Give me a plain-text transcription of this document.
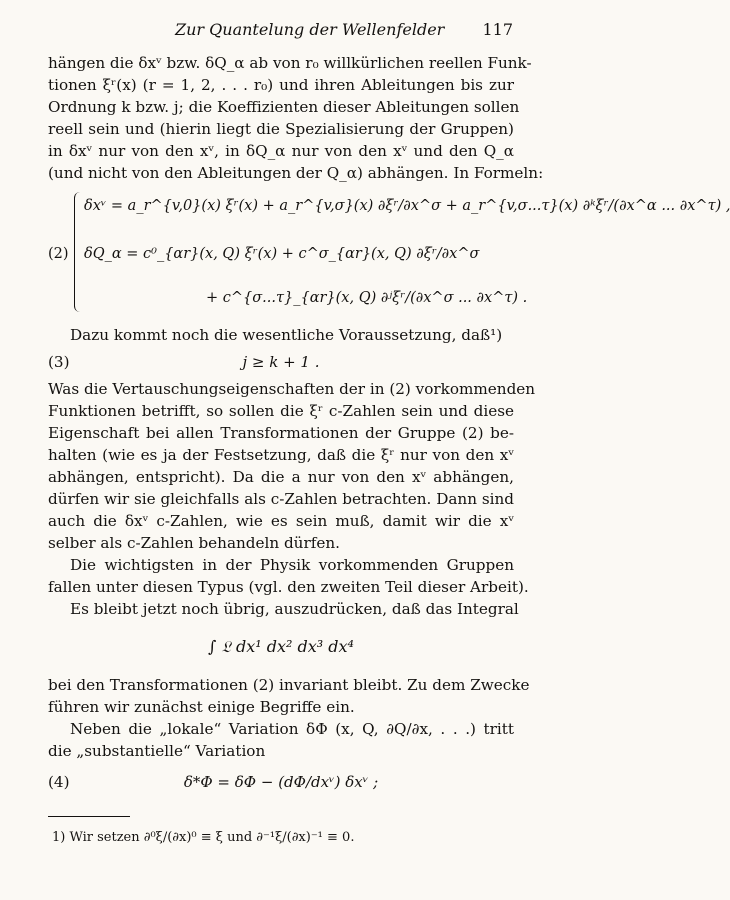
Zur Quantelung der Wellenfelder 117
hängen die δxᵛ bzw. δQ_α ab von r₀ willkürlichen reellen Funk-
tionen ξʳ(x) (r = 1, 2, . . . r₀) und ihren Ableitungen bis zur
Ordnung k bzw. j; die Koeffizienten dieser Ableitungen sollen
reell sein und (hierin liegt die Spezialisierung der Gruppen)
in δxᵛ nur von den xᵛ, in δQ_α nur von den xᵛ und den Q_α
(und nicht von den Ableitungen der Q_α) abhängen. In Formeln:
(2)
δxᵛ = a_r^{v,0}(x) ξʳ(x) + a_r^{v,σ}(x) ∂ξʳ/∂x^σ + a_r^{v,σ...τ}(x) ∂ᵏξʳ/(∂x^α ... ∂x^τ) ,
δQ_α = c⁰_{αr}(x, Q) ξʳ(x) + c^σ_{αr}(x, Q) ∂ξʳ/∂x^σ
+ c^{σ...τ}_{αr}(x, Q) ∂ʲξʳ/(∂x^σ ... ∂x^τ) .
Dazu kommt noch die wesentliche Voraussetzung, daß¹)
(3)	j ≥ k + 1 .
Was die Vertauschungseigenschaften der in (2) vorkommenden
Funktionen betrifft, so sollen die ξʳ c-Zahlen sein und diese
Eigenschaft bei allen Transformationen der Gruppe (2) be-
halten (wie es ja der Festsetzung, daß die ξʳ nur von den xᵛ
abhängen, entspricht). Da die a nur von den xᵛ abhängen,
dürfen wir sie gleichfalls als c-Zahlen betrachten. Dann sind
auch die δxᵛ c-Zahlen, wie es sein muß, damit wir die xᵛ
selber als c-Zahlen behandeln dürfen.
Die wichtigsten in der Physik vorkommenden Gruppen
fallen unter diesen Typus (vgl. den zweiten Teil dieser Arbeit).
Es bleibt jetzt noch übrig, auszudrücken, daß das Integral
∫ 𝔏 dx¹ dx² dx³ dx⁴
bei den Transformationen (2) invariant bleibt. Zu dem Zwecke
führen wir zunächst einige Begriffe ein.
Neben die „lokale“ Variation δΦ (x, Q, ∂Q/∂x, . . .) tritt
die „substantielle“ Variation
(4)	δ*Φ = δΦ − (dΦ/dxᵛ) δxᵛ ;
1) Wir setzen ∂⁰ξ/(∂x)⁰ ≡ ξ und ∂⁻¹ξ/(∂x)⁻¹ ≡ 0.
